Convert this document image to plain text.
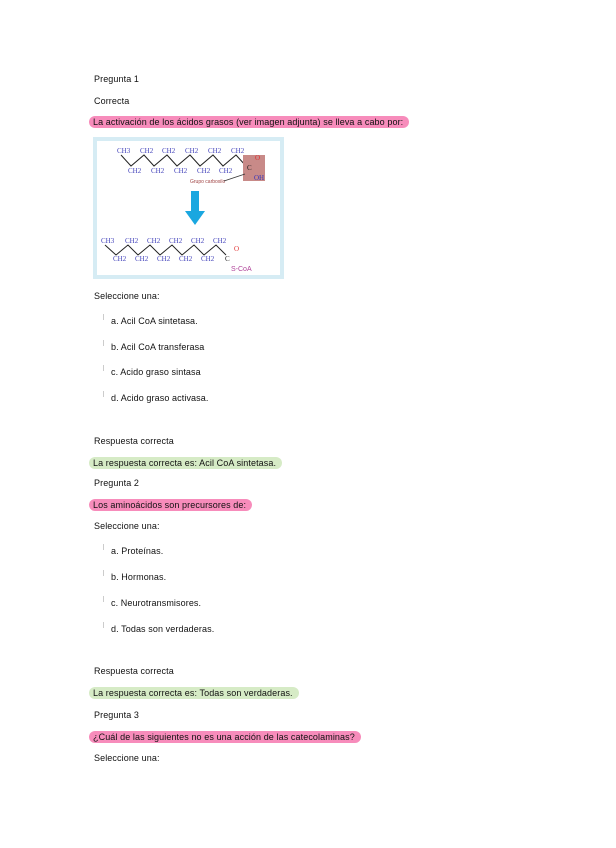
Pregunta 1
Correcta
La activación de los ácidos grasos (ver imagen adjunta) se lleva a cabo por:
CH3 CH2 CH2 CH2 CH2 CH2
CH2 CH2 CH2 CH2 CH2 C
O
OH
Grupo carboxilo
CH3 CH2 CH2 CH2 CH2 CH2
CH2 CH2 CH2 CH2 CH2 C
O
S-CoA
Seleccione una:
a. Acil CoA sintetasa.
b. Acil CoA transferasa
c. Acido graso sintasa
d. Acido graso activasa.
Respuesta correcta
La respuesta correcta es: Acil CoA sintetasa.
Pregunta 2
Los aminoácidos son precursores de:
Seleccione una:
a. Proteínas.
b. Hormonas.
c. Neurotransmisores.
d. Todas son verdaderas.
Respuesta correcta
La respuesta correcta es: Todas son verdaderas.
Pregunta 3
¿Cuál de las siguientes no es una acción de las catecolaminas?
Seleccione una:
